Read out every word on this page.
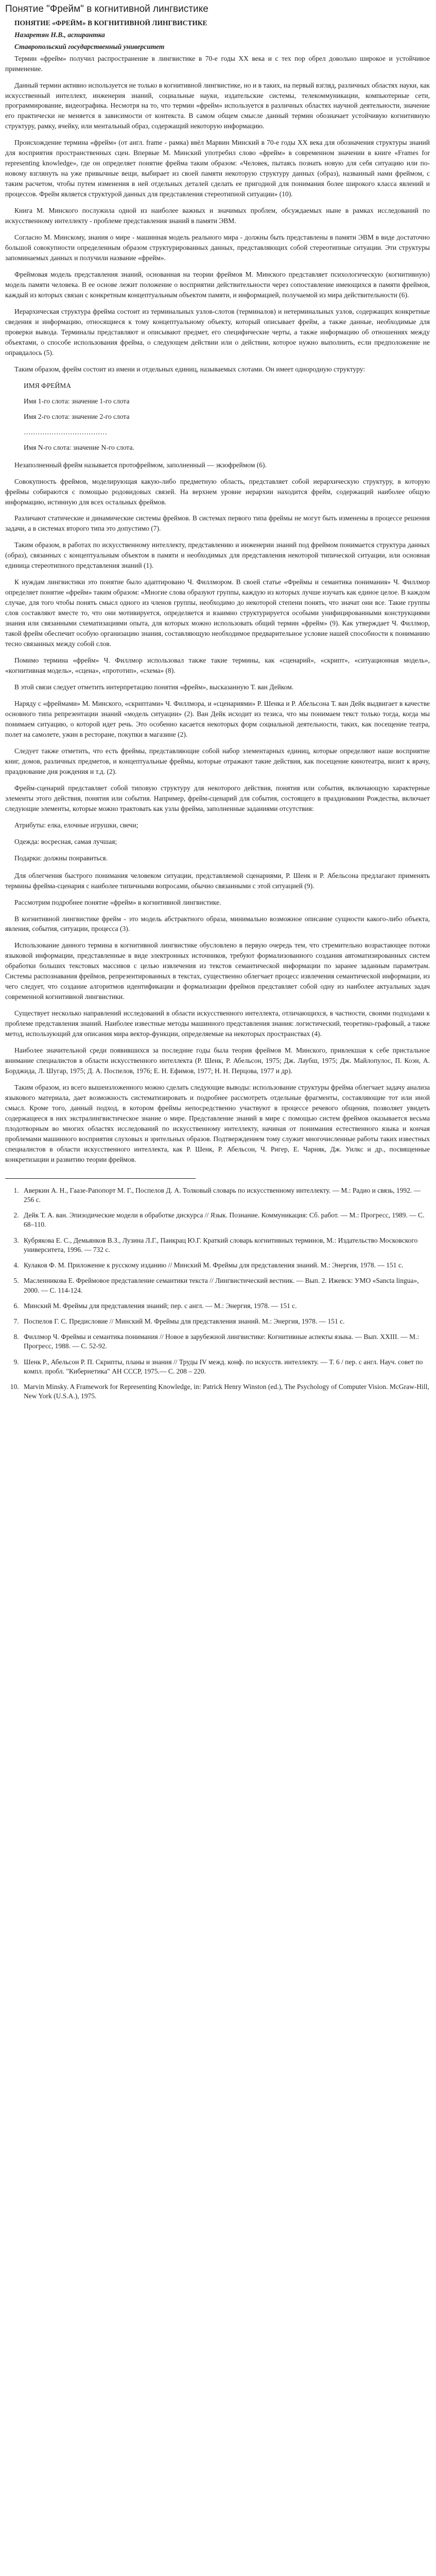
Понятие "Фрейм" в когнитивной лингвистике
ПОНЯТИЕ «ФРЕЙМ» В КОГНИТИВНОЙ ЛИНГВИСТИКЕ
Назаретян Н.В., аспирантка
Ставропольский государственный университет

Термин «фрейм» получил распространение в лингвистике в 70-е годы XX века и с тех пор обрел довольно широкое и устойчивое применение.

Данный термин активно используется не только в когнитивной лингвистике, но и в таких, на первый взгляд, различных областях науки, как искусственный интеллект, инженерия знаний, социальные науки, издательские системы, телекоммуникации, компьютерные сети, программирование, видеографика. Несмотря на то, что термин «фрейм» используется в различных областях научной деятельности, значение его практически не меняется в зависимости от контекста. В самом общем смысле данный термин обозначает устойчивую когнитивную структуру, рамку, ячейку, или ментальный образ, содержащий некоторую информацию.

Происхождение термина «фрейм» (от англ. frame - рамка) ввёл Марвин Минский в 70-е годы XX века для обозначения структуры знаний для восприятия пространственных сцен. Впервые М. Минский употребил слово «фрейм» в современном значении в книге «Frames for representing knowledge», где он определяет понятие фрейма таким образом: «Человек, пытаясь познать новую для себя ситуацию или по-новому взглянуть на уже привычные вещи, выбирает из своей памяти некоторую структуру данных (образ), названный нами фреймом, с таким расчетом, чтобы путем изменения в ней отдельных деталей сделать ее пригодной для понимания более широкого класса явлений и процессов. Фрейм является структурой данных для представления стереотипной ситуации» (10).

Книга М. Минского послужила одной из наиболее важных и значимых проблем, обсуждаемых ныне в рамках исследований по искусственному интеллекту - проблеме представления знаний в памяти ЭВМ.

Согласно М. Минскому, знания о мире - машинная модель реального мира - должны быть представлены в памяти ЭВМ в виде достаточно большой совокупности определенным образом структурированных данных, представляющих собой стереотипные ситуации. Эти структуры запоминаемых данных и получили название «фрейм».

Фреймовая модель представления знаний, основанная на теории фреймов М. Минского представляет психологическую (когнитивную) модель памяти человека. В ее основе лежит положение о восприятии действительности через сопоставление имеющихся в памяти фреймов, каждый из которых связан с конкретным концептуальным объектом памяти, и информацией, получаемой из мира действительности (6).

Иерархическая структура фрейма состоит из терминальных узлов-слотов (терминалов) и нетерминальных узлов, содержащих конкретные сведения и информацию, относящиеся к тому концептуальному объекту, который описывает фрейм, а также данные, необходимые для проверки вывода. Терминалы представляют и описывают предмет, его специфические черты, а также информацию об отношениях между объектами, о способе использования фрейма, о следующем действии или о действии, которое нужно выполнить, если предположение не оправдалось (5).

Таким образом, фрейм состоит из имени и отдельных единиц, называемых слотами. Он имеет однородную структуру:

ИМЯ ФРЕЙМА
Имя 1-го слота: значение 1-го слота
Имя 2-го слота: значение 2-го слота
………………………………
Имя N-го слота: значение N-го слота.

Незаполненный фрейм называется протофреймом, заполненный — экзофреймом (6).

Совокупность фреймов, моделирующая какую-либо предметную область, представляет собой иерархическую структуру, в которую фреймы собираются с помощью родовидовых связей. На верхнем уровне иерархии находится фрейм, содержащий наиболее общую информацию, истинную для всех остальных фреймов.

Различают статические и динамические системы фреймов. В системах первого типа фреймы не могут быть изменены в процессе решения задачи, а в системах второго типа это допустимо (7).

Таким образом, в работах по искусственному интеллекту, представлению и инженерии знаний под фреймом понимается структура данных (образ), связанных с концептуальным объектом в памяти и необходимых для представления некоторой типической ситуации, или основная единица стереотипного представления знаний (1).

К нуждам лингвистики это понятие было адаптировано Ч. Филлмором. В своей статье «Фреймы и семантика понимания» Ч. Филлмор определяет понятие «фрейм» таким образом: «Многие слова образуют группы, каждую из которых лучше изучать как единое целое. В каждом случае, для того чтобы понять смысл одного из членов группы, необходимо до некоторой степени понять, что значат они все. Такие группы слов составляют вместе то, что они мотивируется, определяется и взаимно структурируется особыми унифицированными конструкциями знания или связанными схематизациями опыта, для которых можно использовать общий термин «фрейм» (9). Как утверждает Ч. Филлмор, такой фрейм обеспечит особую организацию знания, составляющую необходимое предварительное условие нашей способности к пониманию тесно связанных между собой слов.

Помимо термина «фрейм» Ч. Филлмор использовал также такие термины, как «сценарий», «скрипт», «ситуационная модель», «когнитивная модель», «сцена», «прототип», «схема» (8).

В этой связи следует отметить интерпретацию понятия «фрейм», высказанную Т. ван Дейком.

Наряду с «фреймами» М. Минского, «скриптами» Ч. Филлмора, и «сценариями» Р. Шенка и Р. Абельсона Т. ван Дейк выдвигает в качестве основного типа репрезентации знаний «модель ситуации» (2). Ван Дейк исходит из тезиса, что мы понимаем текст только тогда, когда мы понимаем ситуацию, о которой идет речь. Это особенно касается некоторых форм социальной деятельности, таких, как посещение театра, полет на самолете, ужин в ресторане, покупки в магазине (2).

Следует также отметить, что есть фреймы, представляющие собой набор элементарных единиц, которые определяют наше восприятие книг, домов, различных предметов, и концептуальные фреймы, которые отражают такие действия, как посещение кинотеатра, визит к врачу, празднование дня рождения и т.д. (2).

Фрейм-сценарий представляет собой типовую структуру для некоторого действия, понятия или события, включающую характерные элементы этого действия, понятия или события. Например, фрейм-сценарий для события, состоящего в праздновании Рождества, включает следующие элементы, которые можно трактовать как узлы фрейма, заполненные заданиями отсутствия:

Атрибуты: елка, елочные игрушки, свечи;
Одежда: восресная, самая лучшая;
Подарки: должны понравиться.

Для облегчения быстрого понимания человеком ситуации, представляемой сценариями, Р. Шенк и Р. Абельсона предлагают применять термины фрейма-сценария с наиболее типичными вопросами, обычно связанными с этой ситуацией (9).

Рассмотрим подробнее понятие «фрейм» в когнитивной лингвистике.

В когнитивной лингвистике фрейм - это модель абстрактного образа, минимально возможное описание сущности какого-либо объекта, явления, события, ситуации, процесса (3).

Использование данного термина в когнитивной лингвистике обусловлено в первую очередь тем, что стремительно возрастающее потоки языковой информации, представленные в виде электронных источников, требуют формализованного создания автоматизированных систем обработки больших текстовых массивов с целью извлечения из текстов семантической информации по заранее заданным параметрам. Системы распознавания фреймов, репрезентированных в текстах, существенно облегчает процесс извлечения семантической информации, из чего следует, что создание алгоритмов идентификации и формализации фреймов представляет собой одну из наиболее актуальных задач современной когнитивной лингвистики.

Существует несколько направлений исследований в области искусственного интеллекта, отличающихся, в частности, своими подходами к проблеме представления знаний. Наиболее известные методы машинного представления знания: логистический, теоретико-графовый, а также метод, использующий для описания мира вектор-функции, определяемые на некоторых пространствах (4).

Наиболее значительной среди появившихся за последние годы была теория фреймов М. Минского, привлекшая к себе пристальное внимание специалистов в области искусственного интеллекта (Р. Шенк, Р. Абельсон, 1975; Дж. Лаубш, 1975; Дж. Майлопулос, П. Коэн, А. Борджида, Л. Шугар, 1975; Д. А. Поспелов, 1976; Е. Н. Ефимов, 1977; Н. Н. Перцова, 1977 и др).

Таким образом, из всего вышеизложенного можно сделать следующие выводы: использование структуры фрейма облегчает задачу анализа языкового материала, дает возможность систематизировать и подробнее рассмотреть отдельные фрагменты, составляющие тот или иной смысл. Кроме того, данный подход, в котором фреймы непосредственно участвуют в процессе речевого общения, позволяет увидеть содержащееся в них экстралингвистическое знание о мире. Представление знаний в мире с помощью систем фреймов оказывается весьма плодотворным во многих областях исследований по искусственному интеллекту, начиная от понимания естественного языка и кончая проблемами машинного восприятия слуховых и зрительных образов. Подтверждением тому служит многочисленные работы таких известных специалистов в области искусственного интеллекта, как Р. Шенк, Р. Абельсон, Ч. Ригер, Е. Чарняк, Дж. Уилкс и др., посвященные конкретизации и развитию теории фреймов.

1. Аверкин А. Н., Гаазе-Рапопорт М. Г., Поспелов Д. А. Толковый словарь по искусственному интеллекту. — М.: Радио и связь, 1992. — 256 с.
2. Дейк Т. А. ван. Эпизодические модели в обработке дискурса // Язык. Познание. Коммуникация: Сб. работ. — М.: Прогресс, 1989. — С. 68–110.
3. Кубрякова Е. С., Демьянков В.З., Лузина Л.Г., Панкрац Ю.Г. Краткий словарь когнитивных терминов, М.: Издательство Московского университета, 1996. — 732 с.
4. Кулаков Ф. М. Приложение к русскому изданию // Минский М. Фреймы для представления знаний. М.: Энергия, 1978. — 151 с.
5. Масленникова Е. Фреймовое представление семантики текста // Лингвистический вестник. — Вып. 2. Ижевск: УМО «Sancta lingua», 2000. — С. 114-124.
6. Минский М. Фреймы для представления знаний; пер. с англ. — М.: Энергия, 1978. — 151 с.
7. Поспелов Г. С. Предисловие // Минский М. Фреймы для представления знаний. М.: Энергия, 1978. — 151 с.
8. Филлмор Ч. Фреймы и семантика понимания // Новое в зарубежной лингвистике: Когнитивные аспекты языка. — Вып. XXIII. — М.: Прогресс, 1988. — С. 52-92.
9. Шенк Р., Абельсон Р. П. Скрипты, планы и знания // Труды IV межд. конф. по искусств. интеллекту. — Т. 6 / пер. с англ. Науч. совет по компл. пробл. "Кибернетика" АН СССР, 1975.— С. 208 – 220.
10. Marvin Minsky. A Framework for Representing Knowledge, in: Patrick Henry Winston (ed.), The Psychology of Computer Vision. McGraw-Hill, New York (U.S.A.), 1975.
